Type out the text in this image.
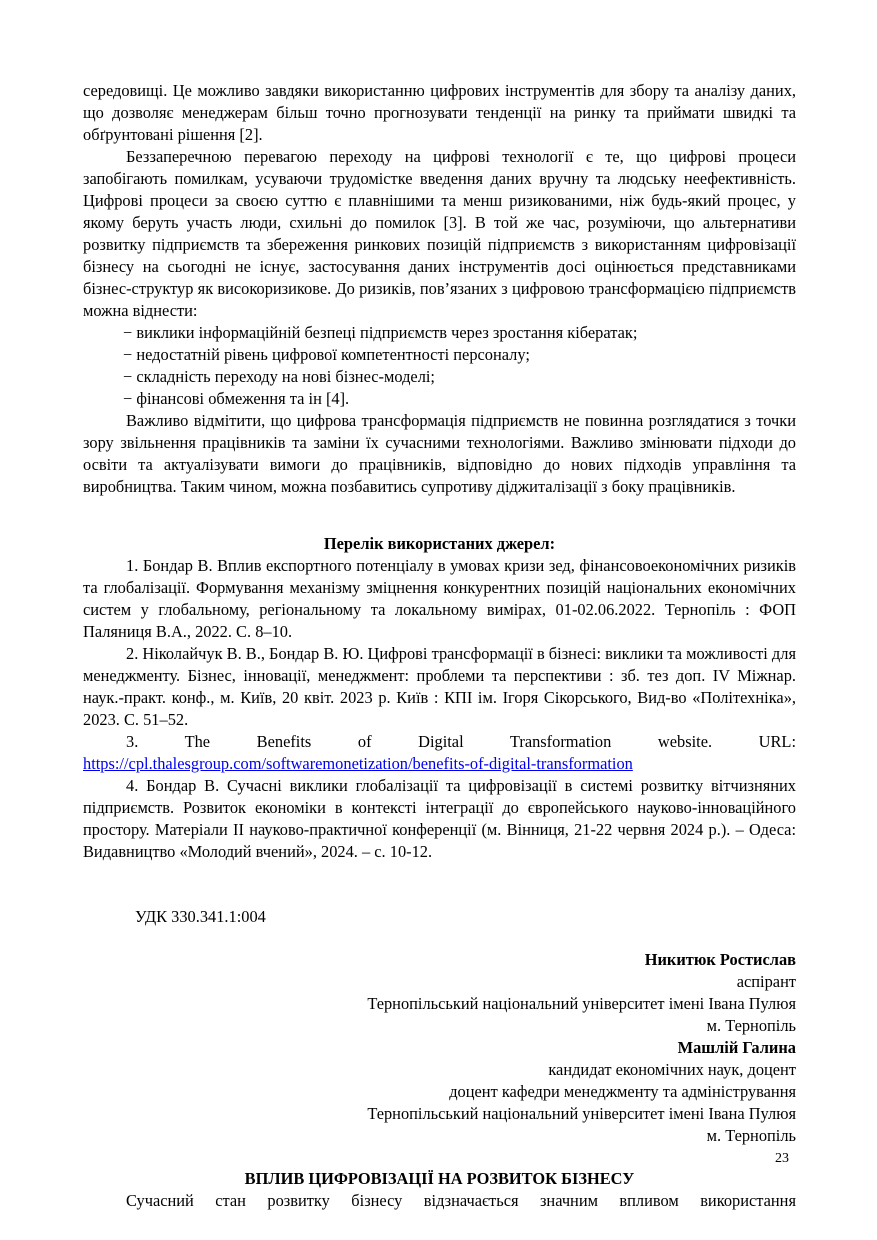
середовищі. Це можливо завдяки використанню цифрових інструментів для збору та аналізу даних, що дозволяє менеджерам більш точно прогнозувати тенденції на ринку та приймати швидкі та обґрунтовані рішення [2].

Беззаперечною перевагою переходу на цифрові технології є те, що цифрові процеси запобігають помилкам, усуваючи трудомістке введення даних вручну та людську неефективність. Цифрові процеси за своєю суттю є плавнішими та менш ризикованими, ніж будь-який процес, у якому беруть участь люди, схильні до помилок [3]. В той же час, розуміючи, що альтернативи розвитку підприємств та збереження ринкових позицій підприємств з використанням цифровізації бізнесу на сьогодні не існує, застосування даних інструментів досі оцінюється представниками бізнес-структур як високоризикове. До ризиків, пов’язаних з цифровою трансформацією підприємств можна віднести:

− виклики інформаційній безпеці підприємств через зростання кібератак;

− недостатній рівень цифрової компетентності персоналу;

− складність переходу на нові бізнес-моделі;

− фінансові обмеження та ін [4].

Важливо відмітити, що цифрова трансформація підприємств не повинна розглядатися з точки зору звільнення працівників та заміни їх сучасними технологіями. Важливо змінювати підходи до освіти та актуалізувати вимоги до працівників, відповідно до нових підходів управління та виробництва. Таким чином, можна позбавитись супротиву діджиталізації з боку працівників.

Перелік використаних джерел:

1. Бондар В. Вплив експортного потенціалу в умовах кризи зед, фінансовоекономічних ризиків та глобалізації. Формування механізму зміцнення конкурентних позицій національних економічних систем у глобальному, регіональному та локальному вимірах, 01-02.06.2022. Тернопіль : ФОП Паляниця В.А., 2022. С. 8–10.

2. Ніколайчук В. В., Бондар В. Ю. Цифрові трансформації в бізнесі: виклики та можливості для менеджменту. Бізнес, інновації, менеджмент: проблеми та перспективи : зб. тез доп. IV Міжнар. наук.-практ. конф., м. Київ, 20 квіт. 2023 р. Київ : КПІ ім. Ігоря Сікорського, Вид-во «Політехніка», 2023. С. 51–52.

3. The Benefits of Digital Transformation website. URL:

https://cpl.thalesgroup.com/softwaremonetization/benefits-of-digital-transformation

4. Бондар В. Сучасні виклики глобалізації та цифровізації в системі розвитку вітчизняних підприємств. Розвиток економіки в контексті інтеграції до європейського науково-інноваційного простору. Матеріали ІІ науково-практичної конференції (м. Вінниця, 21-22 червня 2024 р.). – Одеса: Видавництво «Молодий вчений», 2024. – с. 10-12.

УДК 330.341.1:004

Никитюк Ростислав

аспірант

Тернопільський національний університет імені Івана Пулюя

м. Тернопіль

Машлій Галина

кандидат економічних наук, доцент

доцент кафедри менеджменту та адміністрування

Тернопільський національний університет імені Івана Пулюя

м. Тернопіль

ВПЛИВ ЦИФРОВІЗАЦІЇ НА РОЗВИТОК БІЗНЕСУ

Сучасний стан розвитку бізнесу відзначається значним впливом використання

23
